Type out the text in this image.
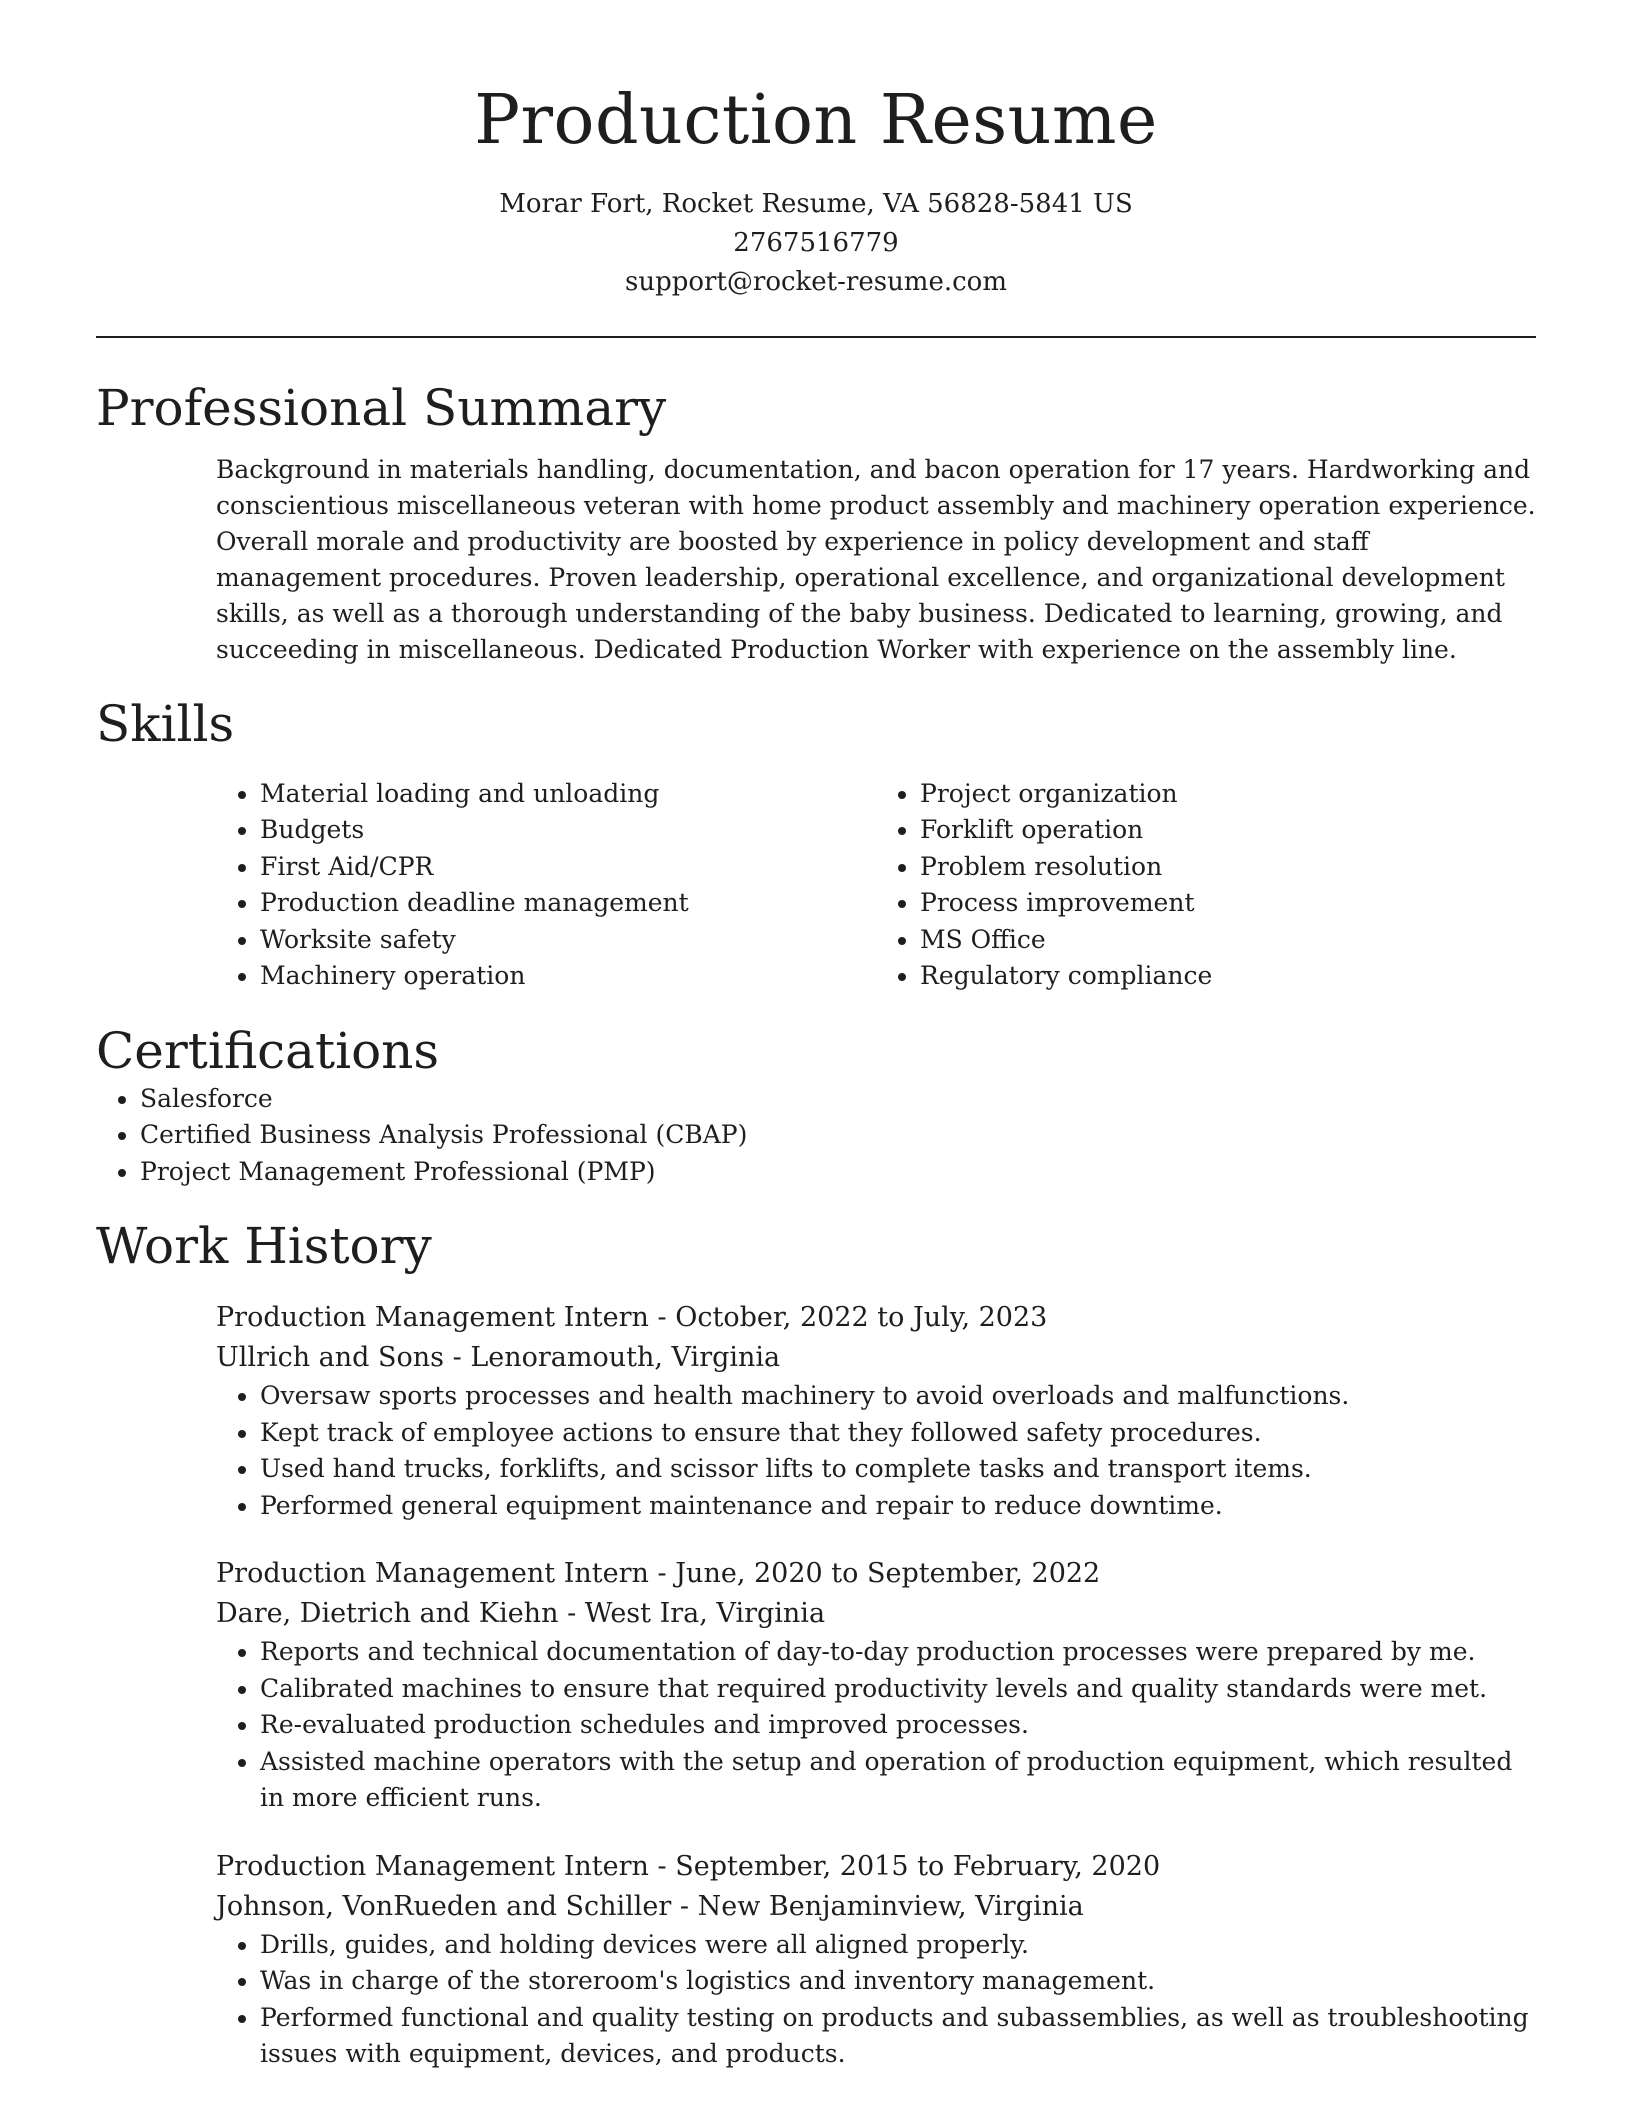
Production Resume
Morar Fort, Rocket Resume, VA 56828-5841 US
2767516779
support@rocket-resume.com
Professional Summary
Background in materials handling, documentation, and bacon operation for 17 years. Hardworking and conscientious miscellaneous veteran with home product assembly and machinery operation experience. Overall morale and productivity are boosted by experience in policy development and staff management procedures. Proven leadership, operational excellence, and organizational development skills, as well as a thorough understanding of the baby business. Dedicated to learning, growing, and succeeding in miscellaneous. Dedicated Production Worker with experience on the assembly line.
Skills
• Material loading and unloading
• Budgets
• First Aid/CPR
• Production deadline management
• Worksite safety
• Machinery operation
• Project organization
• Forklift operation
• Problem resolution
• Process improvement
• MS Office
• Regulatory compliance
Certifications
• Salesforce
• Certified Business Analysis Professional (CBAP)
• Project Management Professional (PMP)
Work History
Production Management Intern - October, 2022 to July, 2023
Ullrich and Sons - Lenoramouth, Virginia
• Oversaw sports processes and health machinery to avoid overloads and malfunctions.
• Kept track of employee actions to ensure that they followed safety procedures.
• Used hand trucks, forklifts, and scissor lifts to complete tasks and transport items.
• Performed general equipment maintenance and repair to reduce downtime.
Production Management Intern - June, 2020 to September, 2022
Dare, Dietrich and Kiehn - West Ira, Virginia
• Reports and technical documentation of day-to-day production processes were prepared by me.
• Calibrated machines to ensure that required productivity levels and quality standards were met.
• Re-evaluated production schedules and improved processes.
• Assisted machine operators with the setup and operation of production equipment, which resulted in more efficient runs.
Production Management Intern - September, 2015 to February, 2020
Johnson, VonRueden and Schiller - New Benjaminview, Virginia
• Drills, guides, and holding devices were all aligned properly.
• Was in charge of the storeroom's logistics and inventory management.
• Performed functional and quality testing on products and subassemblies, as well as troubleshooting issues with equipment, devices, and products.
